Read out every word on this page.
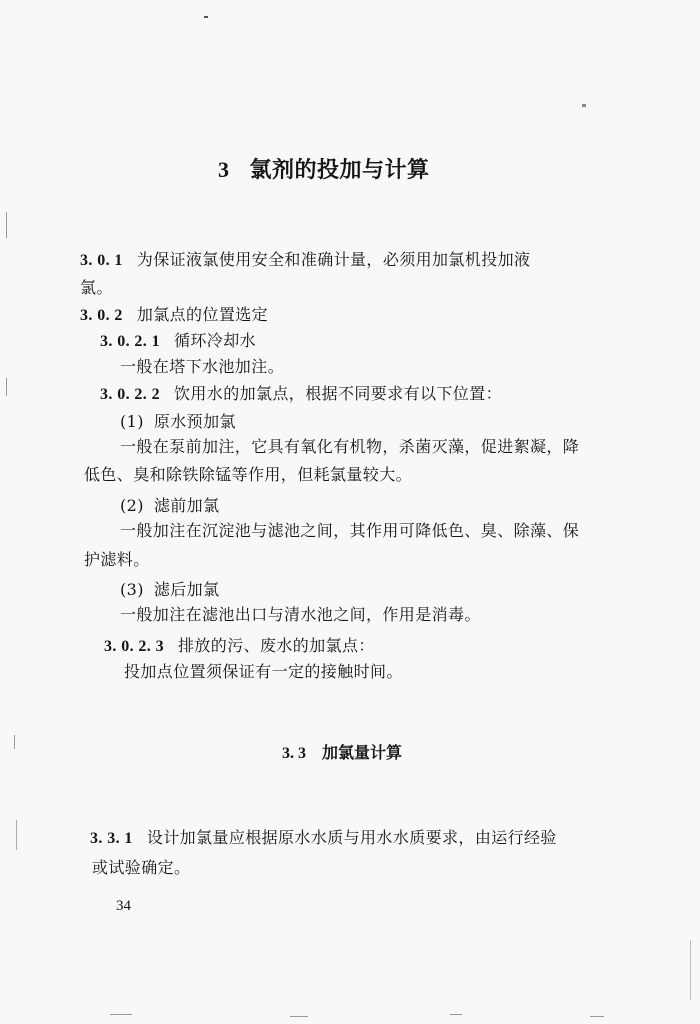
3 氯剂的投加与计算
3. 0. 1 为保证液氯使用安全和准确计量，必须用加氯机投加液
氯。
3. 0. 2 加氯点的位置选定
3. 0. 2. 1 循环冷却水
一般在塔下水池加注。
3. 0. 2. 2 饮用水的加氯点，根据不同要求有以下位置：
(1) 原水预加氯
一般在泵前加注，它具有氧化有机物，杀菌灭藻，促进絮凝，降
低色、臭和除铁除锰等作用，但耗氯量较大。
(2) 滤前加氯
一般加注在沉淀池与滤池之间，其作用可降低色、臭、除藻、保
护滤料。
(3) 滤后加氯
一般加注在滤池出口与清水池之间，作用是消毒。
3. 0. 2. 3 排放的污、废水的加氯点：
投加点位置须保证有一定的接触时间。
3. 3 加氯量计算
3. 3. 1 设计加氯量应根据原水水质与用水水质要求，由运行经验
或试验确定。
34
